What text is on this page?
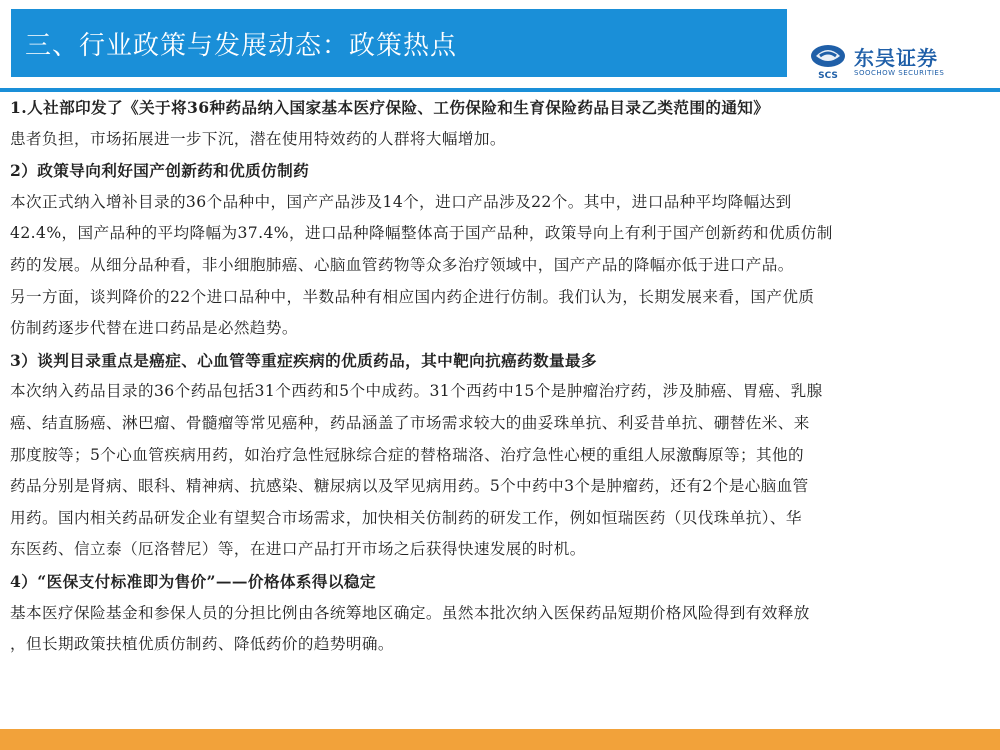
三、行业政策与发展动态：政策热点
SCS
东吴证券
SOOCHOW SECURITIES
1.人社部印发了《关于将36种药品纳入国家基本医疗保险、工伤保险和生育保险药品目录乙类范围的通知》
患者负担，市场拓展进一步下沉，潜在使用特效药的人群将大幅增加。
2）政策导向利好国产创新药和优质仿制药
本次正式纳入增补目录的36个品种中，国产产品涉及14个，进口产品涉及22个。其中，进口品种平均降幅达到
42.4%，国产品种的平均降幅为37.4%，进口品种降幅整体高于国产品种，政策导向上有利于国产创新药和优质仿制
药的发展。从细分品种看，非小细胞肺癌、心脑血管药物等众多治疗领域中，国产产品的降幅亦低于进口产品。
另一方面，谈判降价的22个进口品种中，半数品种有相应国内药企进行仿制。我们认为，长期发展来看，国产优质
仿制药逐步代替在进口药品是必然趋势。
3）谈判目录重点是癌症、心血管等重症疾病的优质药品，其中靶向抗癌药数量最多
本次纳入药品目录的36个药品包括31个西药和5个中成药。31个西药中15个是肿瘤治疗药，涉及肺癌、胃癌、乳腺
癌、结直肠癌、淋巴瘤、骨髓瘤等常见癌种，药品涵盖了市场需求较大的曲妥珠单抗、利妥昔单抗、硼替佐米、来
那度胺等；5个心血管疾病用药，如治疗急性冠脉综合症的替格瑞洛、治疗急性心梗的重组人尿激酶原等；其他的
药品分别是肾病、眼科、精神病、抗感染、糖尿病以及罕见病用药。5个中药中3个是肿瘤药，还有2个是心脑血管
用药。国内相关药品研发企业有望契合市场需求，加快相关仿制药的研发工作，例如恒瑞医药（贝伐珠单抗）、华
东医药、信立泰（厄洛替尼）等，在进口产品打开市场之后获得快速发展的时机。
4）“医保支付标准即为售价”——价格体系得以稳定
基本医疗保险基金和参保人员的分担比例由各统筹地区确定。虽然本批次纳入医保药品短期价格风险得到有效释放
，但长期政策扶植优质仿制药、降低药价的趋势明确。
